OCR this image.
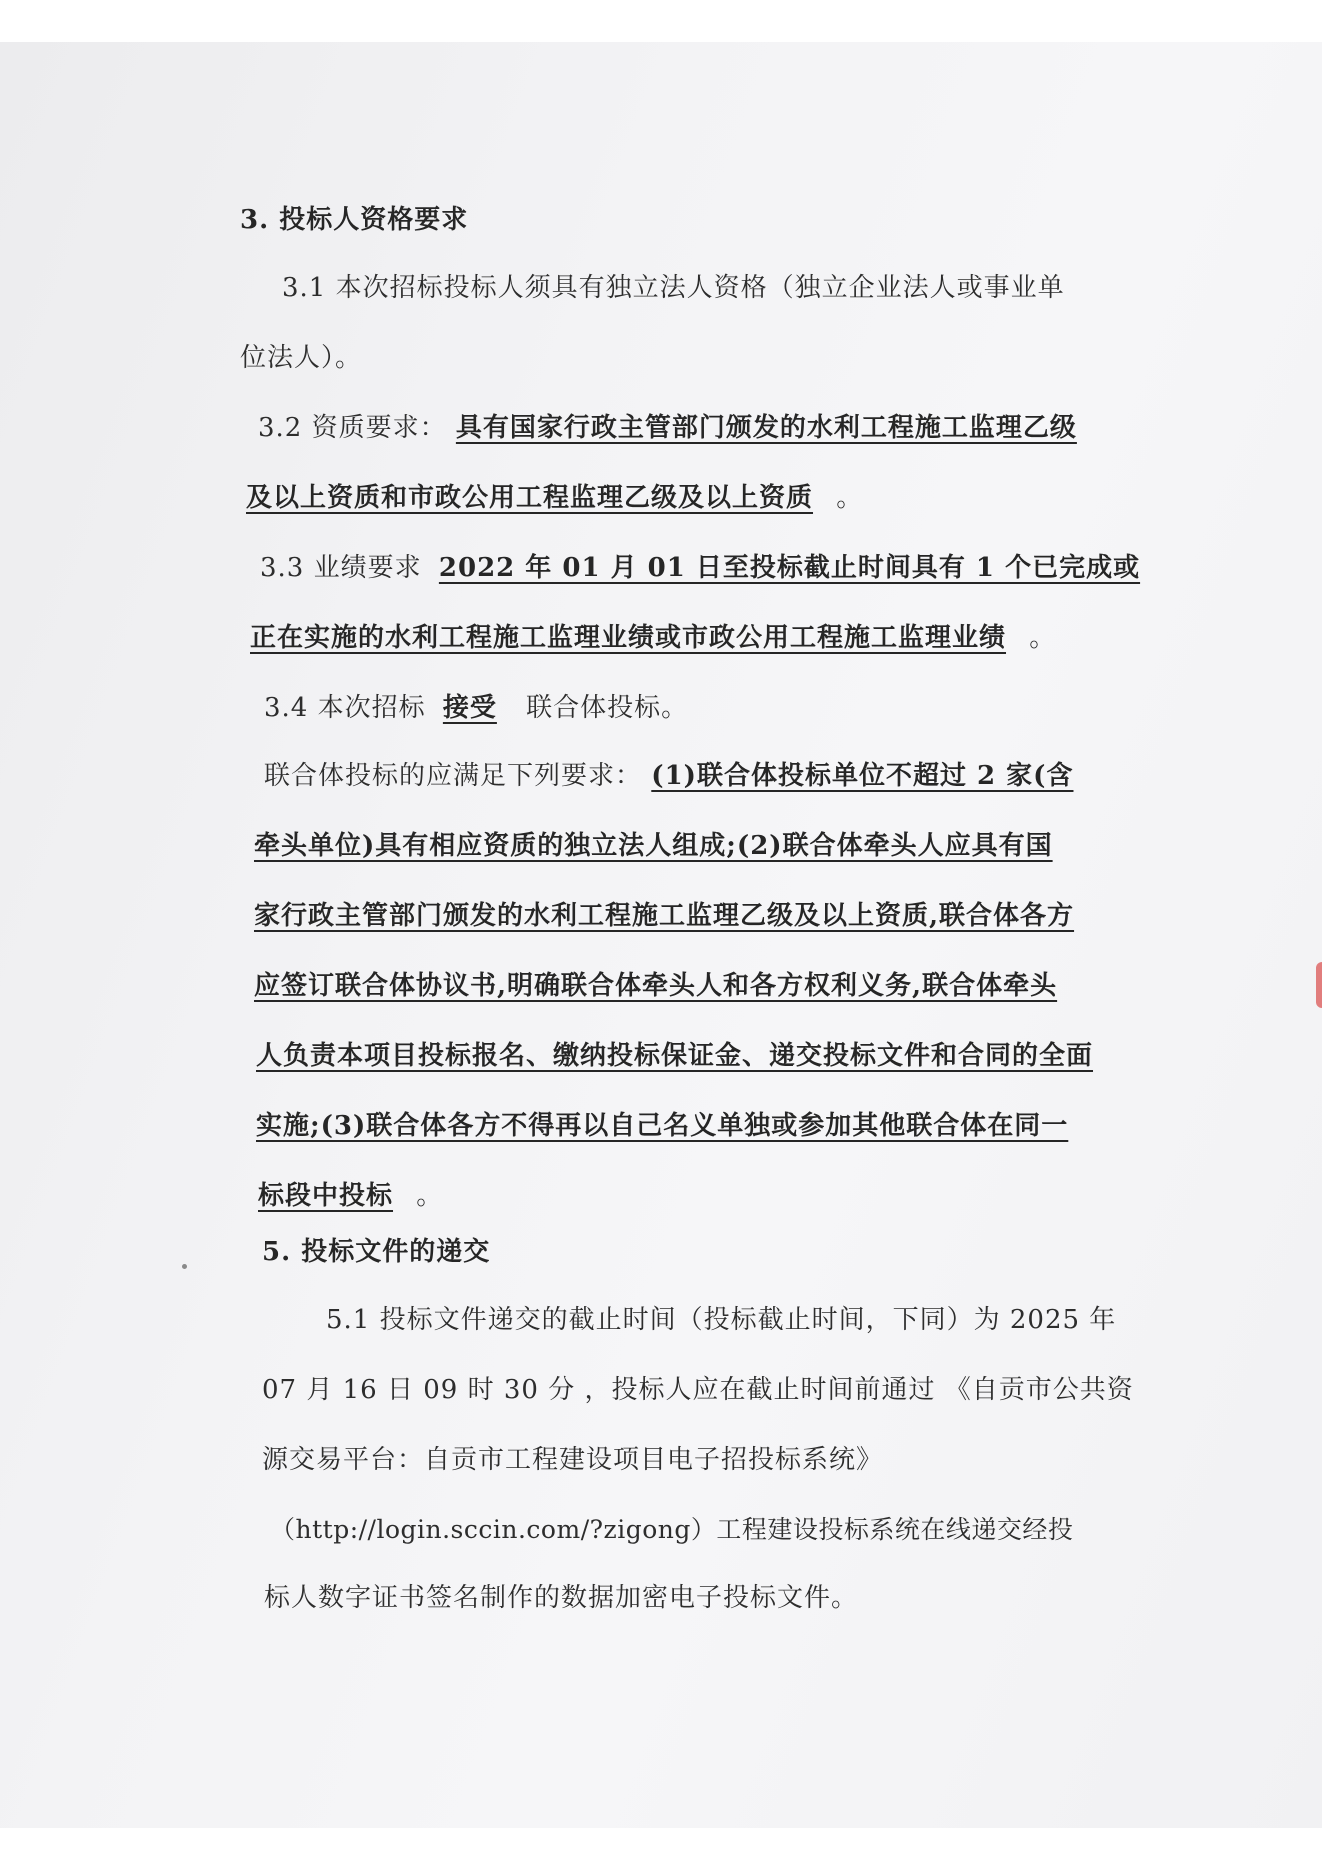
3. 投标人资格要求
3.1 本次招标投标人须具有独立法人资格（独立企业法人或事业单
位法人）。
3.2 资质要求： 具有国家行政主管部门颁发的水利工程施工监理乙级
及以上资质和市政公用工程监理乙级及以上资质 。
3.3 业绩要求 2022 年 01 月 01 日至投标截止时间具有 1 个已完成或
正在实施的水利工程施工监理业绩或市政公用工程施工监理业绩 。
3.4 本次招标 接受 联合体投标。
联合体投标的应满足下列要求： (1)联合体投标单位不超过 2 家(含
牵头单位)具有相应资质的独立法人组成;(2)联合体牵头人应具有国
家行政主管部门颁发的水利工程施工监理乙级及以上资质,联合体各方
应签订联合体协议书,明确联合体牵头人和各方权利义务,联合体牵头
人负责本项目投标报名、缴纳投标保证金、递交投标文件和合同的全面
实施;(3)联合体各方不得再以自己名义单独或参加其他联合体在同一
标段中投标 。
5. 投标文件的递交
5.1 投标文件递交的截止时间（投标截止时间，下同）为 2025 年
07 月 16 日 09 时 30 分 ，投标人应在截止时间前通过 《自贡市公共资
源交易平台：自贡市工程建设项目电子招投标系统》
（http://login.sccin.com/?zigong）工程建设投标系统在线递交经投
标人数字证书签名制作的数据加密电子投标文件。
